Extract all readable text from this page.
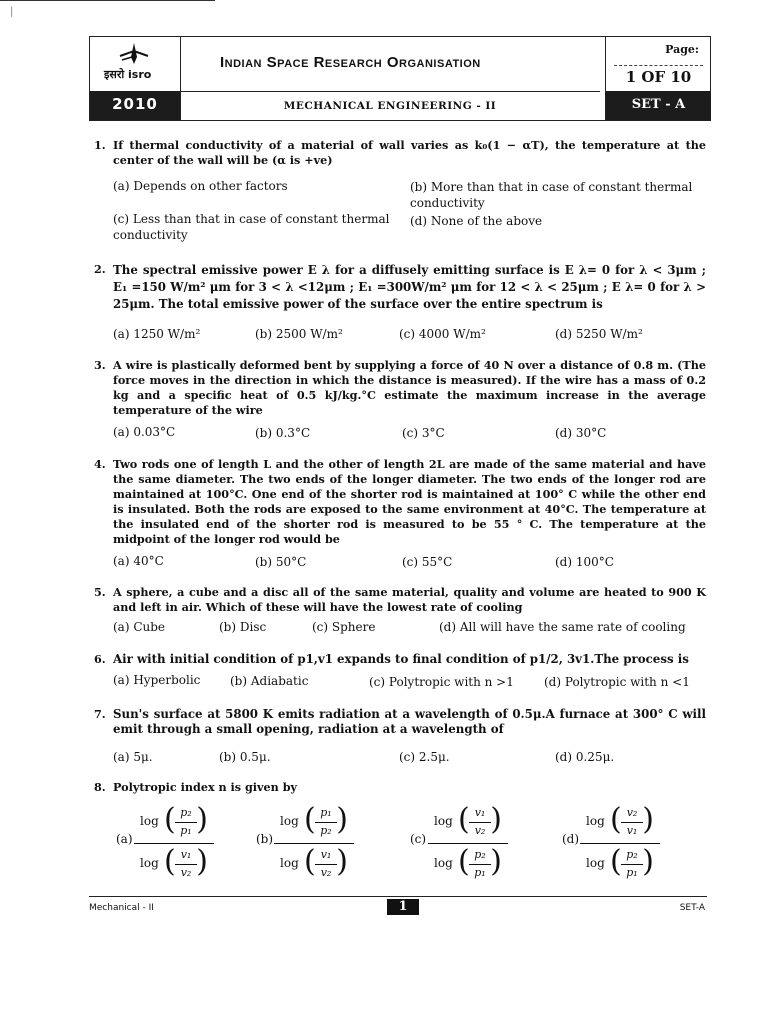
|
इसरो isro
2010
Indian Space Research Organisation
MECHANICAL ENGINEERING - II
Page:
1 OF 10
SET - A
1. If thermal conductivity of a material of wall varies as k₀(1 − αT), the temperature at the center of the wall will be (α is +ve)
(a) Depends on other factors	(b) More than that in case of constant thermal conductivity
(c) Less than that in case of constant thermal conductivity
(d) None of the above
2. The spectral emissive power E λ for a diffusely emitting surface is E λ= 0 for λ < 3μm ; E₁ =150 W/m² μm for 3 < λ <12μm ; E₁ =300W/m² μm for 12 < λ < 25μm ; E λ= 0 for λ > 25μm. The total emissive power of the surface over the entire spectrum is
(a) 1250 W/m²	(b) 2500 W/m²	(c) 4000 W/m²	(d) 5250 W/m²
3. A wire is plastically deformed bent by supplying a force of 40 N over a distance of 0.8 m. (The force moves in the direction in which the distance is measured). If the wire has a mass of 0.2 kg and a specific heat of 0.5 kJ/kg.°C estimate the maximum increase in the average temperature of the wire
(a) 0.03°C	(b) 0.3°C	(c) 3°C	(d) 30°C
4. Two rods one of length L and the other of length 2L are made of the same material and have the same diameter. The two ends of the longer diameter. The two ends of the longer rod are maintained at 100°C. One end of the shorter rod is maintained at 100° C while the other end is insulated. Both the rods are exposed to the same environment at 40°C. The temperature at the insulated end of the shorter rod is measured to be 55 ° C. The temperature at the midpoint of the longer rod would be
(a) 40°C	(b) 50°C	(c) 55°C	(d) 100°C
5. A sphere, a cube and a disc all of the same material, quality and volume are heated to 900 K and left in air. Which of these will have the lowest rate of cooling
(a) Cube	(b) Disc	(c) Sphere	(d) All will have the same rate of cooling
6. Air with initial condition of p1,v1 expands to final condition of p1/2, 3v1.The process is
(a) Hyperbolic (b) Adiabatic	(c) Polytropic with n >1	(d) Polytropic with n <1
7. Sun's surface at 5800 K emits radiation at a wavelength of 0.5μ.A furnace at 300° C will emit through a small opening, radiation at a wavelength of
(a) 5μ.	(b) 0.5μ.	(c) 2.5μ.	(d) 0.25μ.
8. Polytropic index n is given by
(a)
log ( p₂
p₁ )
log ( v₁
v₂ )
(b)
log ( p₁
p₂ )
log ( v₁
v₂ )
(c)
log ( v₁
v₂ )
log ( p₂
p₁ )
(d)
log ( v₂
v₁ )
log ( p₂
p₁ )
Mechanical - II	1	SET-A
